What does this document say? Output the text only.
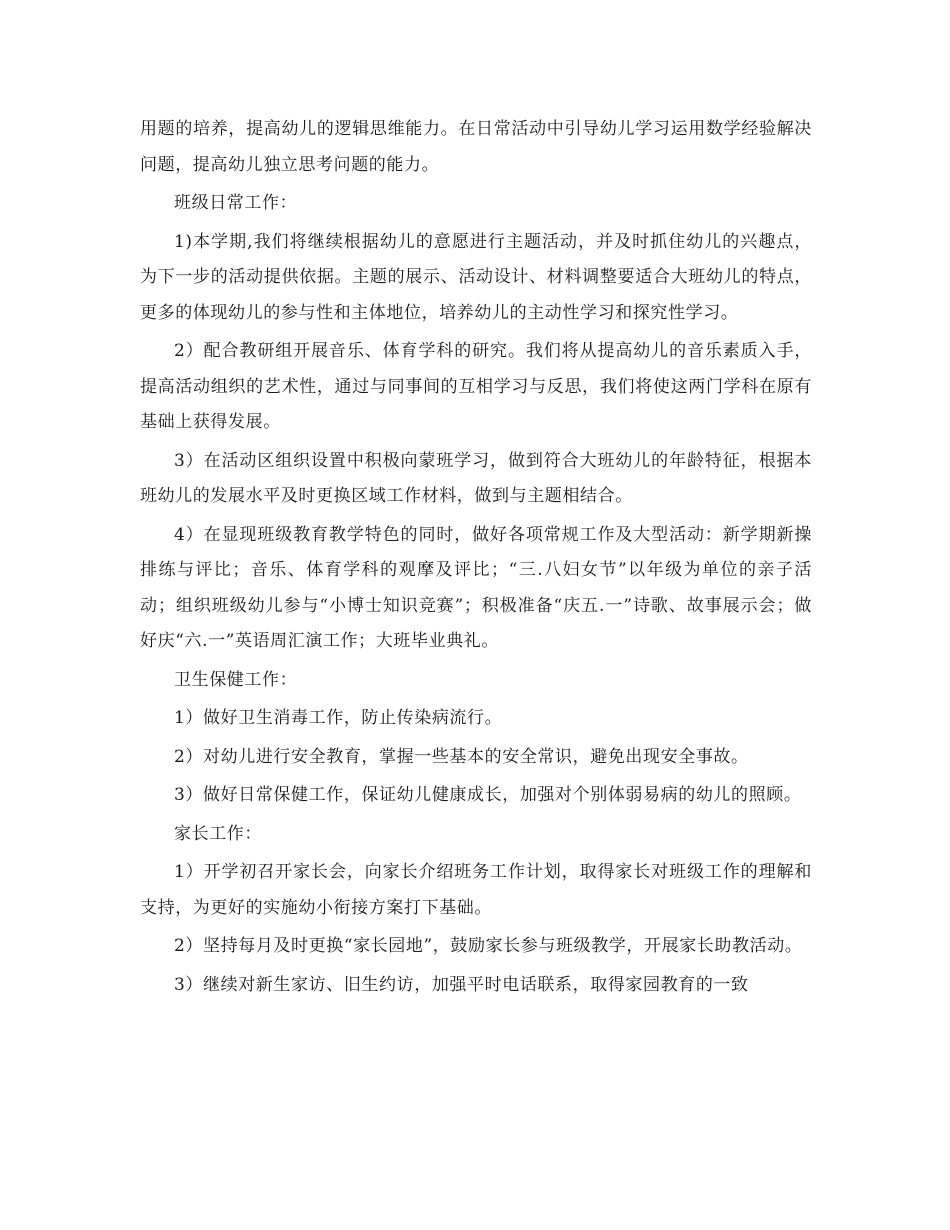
用题的培养，提高幼儿的逻辑思维能力。在日常活动中引导幼儿学习运用数学经验解决问题，提高幼儿独立思考问题的能力。

班级日常工作：

1)本学期,我们将继续根据幼儿的意愿进行主题活动，并及时抓住幼儿的兴趣点，为下一步的活动提供依据。主题的展示、活动设计、材料调整要适合大班幼儿的特点，更多的体现幼儿的参与性和主体地位，培养幼儿的主动性学习和探究性学习。

2）配合教研组开展音乐、体育学科的研究。我们将从提高幼儿的音乐素质入手，提高活动组织的艺术性，通过与同事间的互相学习与反思，我们将使这两门学科在原有基础上获得发展。

3）在活动区组织设置中积极向蒙班学习，做到符合大班幼儿的年龄特征，根据本班幼儿的发展水平及时更换区域工作材料，做到与主题相结合。

4）在显现班级教育教学特色的同时，做好各项常规工作及大型活动：新学期新操排练与评比；音乐、体育学科的观摩及评比；“三.八妇女节”以年级为单位的亲子活动；组织班级幼儿参与“小博士知识竞赛”；积极准备“庆五.一”诗歌、故事展示会；做好庆“六.一”英语周汇演工作；大班毕业典礼。

卫生保健工作：

1）做好卫生消毒工作，防止传染病流行。

2）对幼儿进行安全教育，掌握一些基本的安全常识，避免出现安全事故。

3）做好日常保健工作，保证幼儿健康成长，加强对个别体弱易病的幼儿的照顾。

家长工作：

1）开学初召开家长会，向家长介绍班务工作计划，取得家长对班级工作的理解和支持，为更好的实施幼小衔接方案打下基础。

2）坚持每月及时更换“家长园地”，鼓励家长参与班级教学，开展家长助教活动。

3）继续对新生家访、旧生约访，加强平时电话联系，取得家园教育的一致
